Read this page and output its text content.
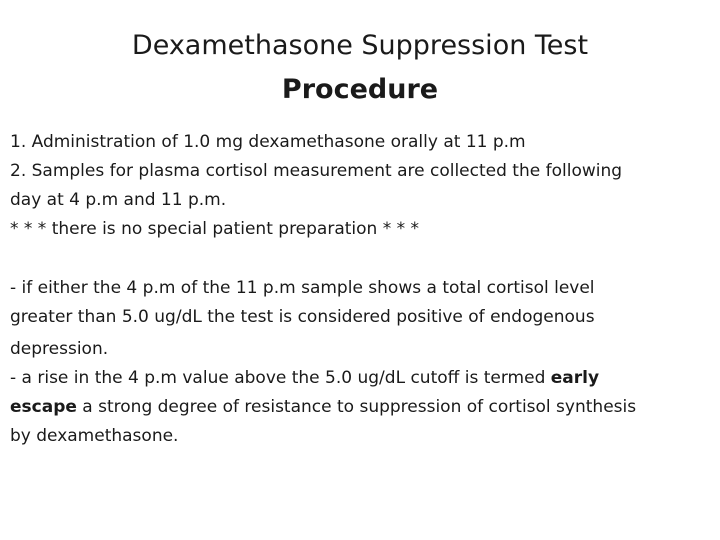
Dexamethasone Suppression Test
Procedure
1. Administration of 1.0 mg dexamethasone orally at 11 p.m
2. Samples for plasma cortisol measurement are collected the following
day at 4 p.m and 11 p.m.
* * * there is no special patient preparation * * *
- if either the 4 p.m of the 11 p.m sample shows a total cortisol level
greater than 5.0 ug/dL the test is considered positive of endogenous
depression.
- a rise in the 4 p.m value above the 5.0 ug/dL cutoff is termed early
escape a strong degree of resistance to suppression of cortisol synthesis
by dexamethasone.
